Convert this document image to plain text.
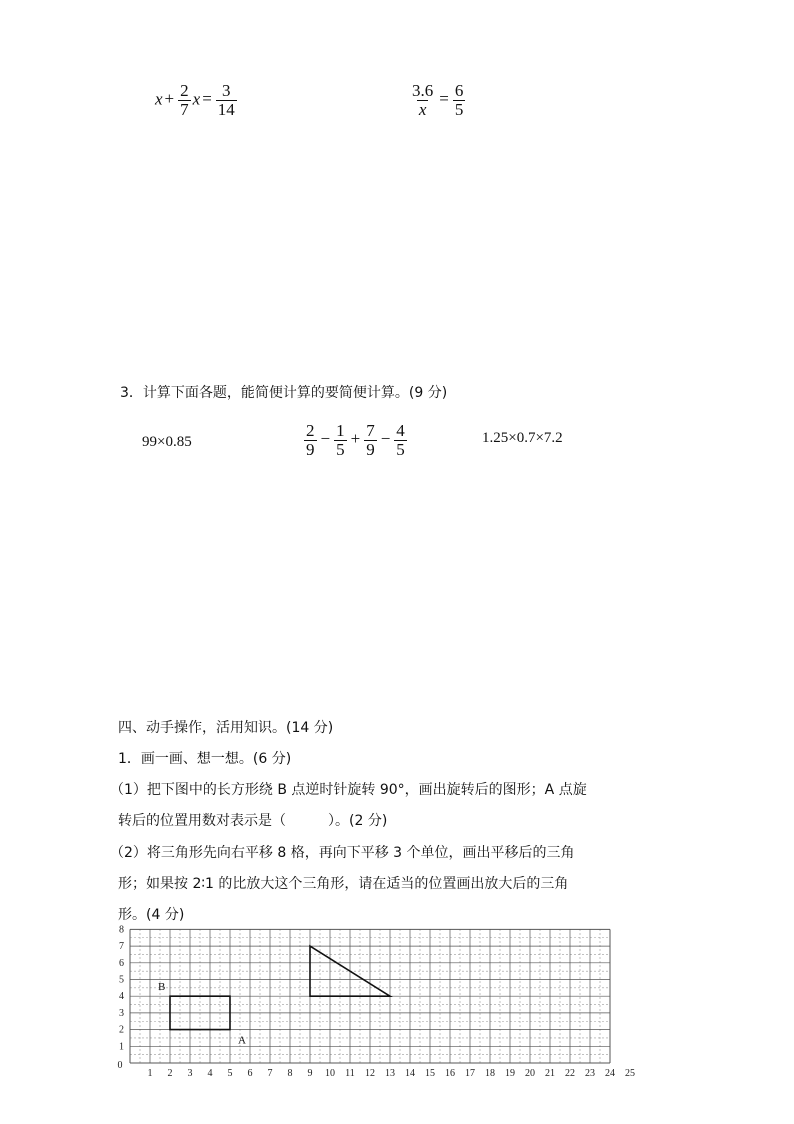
$x + \frac{2}{7}$ $x = \frac{3}{14}$	$\frac{3.6}{x} = \frac{6}{5}$
3．计算下面各题，能简便计算的要简便计算。(9 分)
99×0.85	$\frac{2}{9} - \frac{1}{5} + \frac{7}{9} - \frac{4}{5}$	1.25×0.7×7.2
四、动手操作，活用知识。(14 分)
1．画一画、想一想。(6 分)
（1）把下图中的长方形绕 B 点逆时针旋转 90°，画出旋转后的图形；A 点旋
转后的位置用数对表示是（　　　）。(2 分)
（2）将三角形先向右平移 8 格，再向下平移 3 个单位，画出平移后的三角
形；如果按 2∶1 的比放大这个三角形，请在适当的位置画出放大后的三角
形。(4 分)
1 2 3 4 5 6 7 8 9 10 11 12 13 14 15 16 17 18 19 20 21 22 23 24 25
1
2
3
4
5
6
7
8
0
B
A
